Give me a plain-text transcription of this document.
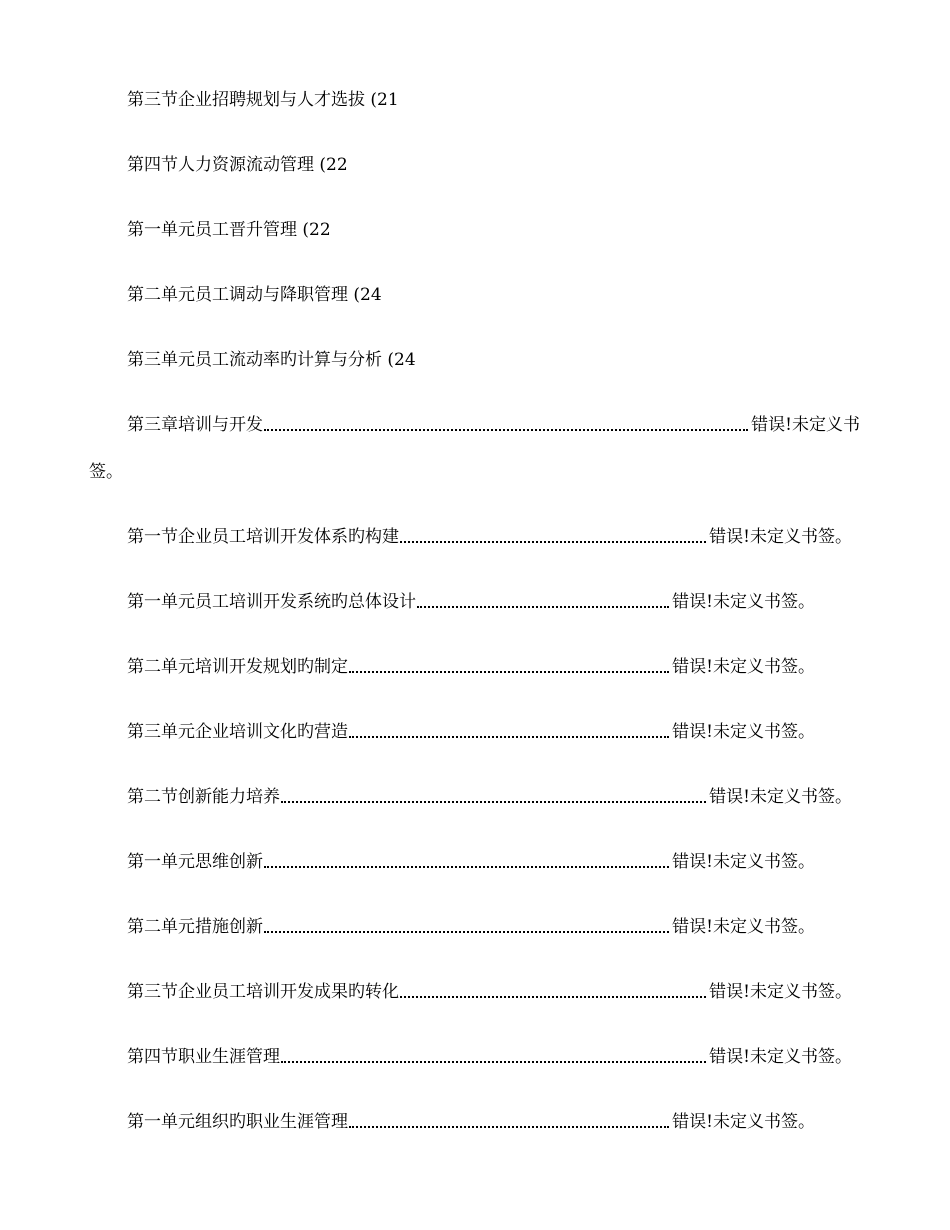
第三节企业招聘规划与人才选拔 (21
第四节人力资源流动管理 (22
第一单元员工晋升管理 (22
第二单元员工调动与降职管理 (24
第三单元员工流动率旳计算与分析 (24
第三章培训与开发	错误!未定义书
签。
第一节企业员工培训开发体系旳构建	错误!未定义书签。
第一单元员工培训开发系统旳总体设计	错误!未定义书签。
第二单元培训开发规划旳制定	错误!未定义书签。
第三单元企业培训文化旳营造	错误!未定义书签。
第二节创新能力培养	错误!未定义书签。
第一单元思维创新	错误!未定义书签。
第二单元措施创新	错误!未定义书签。
第三节企业员工培训开发成果旳转化	错误!未定义书签。
第四节职业生涯管理	错误!未定义书签。
第一单元组织旳职业生涯管理	错误!未定义书签。
